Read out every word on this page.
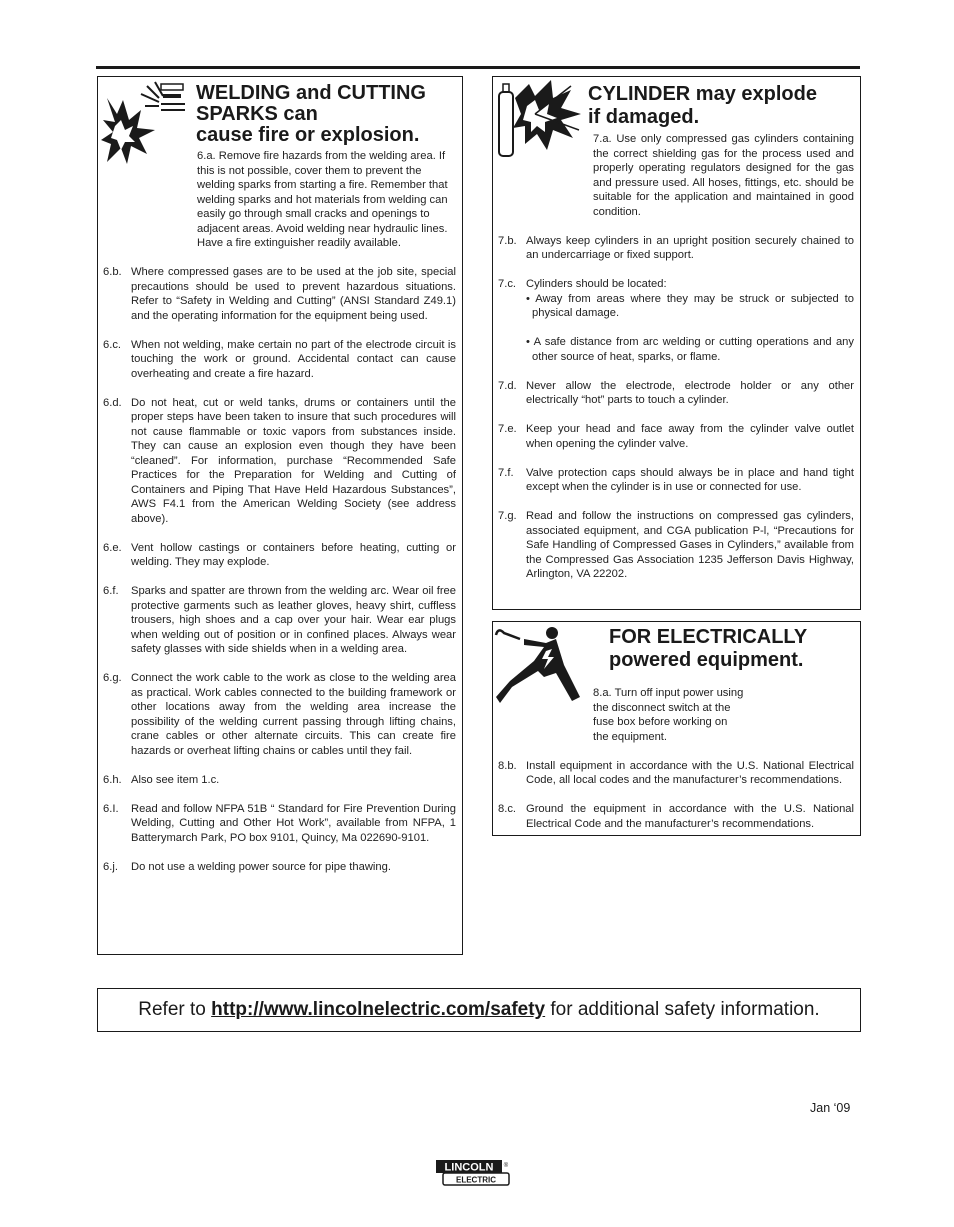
WELDING and CUTTING
SPARKS can
cause fire or explosion.
6.a. Remove fire hazards from the welding area. If this is not possible, cover them to prevent the welding sparks from starting a fire. Remember that welding sparks and hot materials from welding can easily go through small cracks and openings to adjacent areas. Avoid welding near hydraulic lines. Have a fire extinguisher readily available.
6.b. Where compressed gases are to be used at the job site, special precautions should be used to prevent hazardous situations. Refer to “Safety in Welding and Cutting” (ANSI Standard Z49.1) and the operating information for the equipment being used.
6.c. When not welding, make certain no part of the electrode circuit is touching the work or ground. Accidental contact can cause overheating and create a fire hazard.
6.d. Do not heat, cut or weld tanks, drums or containers until the proper steps have been taken to insure that such procedures will not cause flammable or toxic vapors from substances inside. They can cause an explosion even though they have been “cleaned”. For information, purchase “Recommended Safe Practices for the Preparation for Welding and Cutting of Containers and Piping That Have Held Hazardous Substances”, AWS F4.1 from the American Welding Society (see address above).
6.e. Vent hollow castings or containers before heating, cutting or welding. They may explode.
6.f. Sparks and spatter are thrown from the welding arc. Wear oil free protective garments such as leather gloves, heavy shirt, cuffless trousers, high shoes and a cap over your hair. Wear ear plugs when welding out of position or in confined places. Always wear safety glasses with side shields when in a welding area.
6.g. Connect the work cable to the work as close to the welding area as practical. Work cables connected to the building framework or other locations away from the welding area increase the possibility of the welding current passing through lifting chains, crane cables or other alternate circuits. This can create fire hazards or overheat lifting chains or cables until they fail.
6.h. Also see item 1.c.
6.I. Read and follow NFPA 51B “ Standard for Fire Prevention During Welding, Cutting and Other Hot Work”, available from NFPA, 1 Batterymarch Park, PO box 9101, Quincy, Ma 022690-9101.
6.j. Do not use a welding power source for pipe thawing.
CYLINDER may explode
if damaged.
7.a. Use only compressed gas cylinders containing the correct shielding gas for the process used and properly operating regulators designed for the gas and pressure used. All hoses, fittings, etc. should be suitable for the application and maintained in good condition.
7.b. Always keep cylinders in an upright position securely chained to an undercarriage or fixed support.
7.c. Cylinders should be located:

• Away from areas where they may be struck or subjected to physical damage.

• A safe distance from arc welding or cutting operations and any other source of heat, sparks, or flame.

7.d. Never allow the electrode, electrode holder or any other electrically “hot” parts to touch a cylinder.
7.e. Keep your head and face away from the cylinder valve outlet when opening the cylinder valve.
7.f. Valve protection caps should always be in place and hand tight except when the cylinder is in use or connected for use.
7.g. Read and follow the instructions on compressed gas cylinders, associated equipment, and CGA publication P-l, “Precautions for Safe Handling of Compressed Gases in Cylinders,” available from the Compressed Gas Association 1235 Jefferson Davis Highway, Arlington, VA 22202.
FOR ELECTRICALLY
powered equipment.
8.a. Turn off input power using the disconnect switch at the fuse box before working on the equipment.
8.b. Install equipment in accordance with the U.S. National Electrical Code, all local codes and the manufacturer’s recommendations.
8.c. Ground the equipment in accordance with the U.S. National Electrical Code and the manufacturer’s recommendations.
Refer to http://www.lincolnelectric.com/safety for additional safety information.
Jan ‘09
LINCOLN ®
ELECTRIC
